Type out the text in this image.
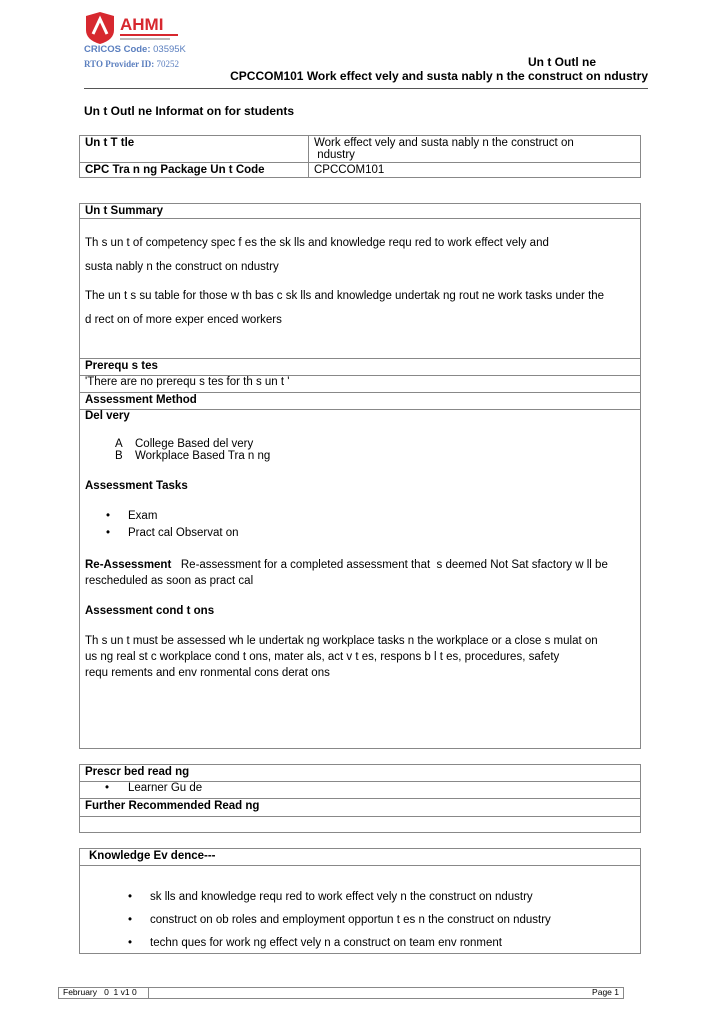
AHMI
CRICOS Code: 03595K
RTO Provider ID: 70252	Un t Outl ne
CPCCOM101 Work effect vely and susta nably n the construct on ndustry
Un t Outl ne Informat on for students
Un t T tle	Work effect vely and susta nably n the construct on
ndustry

CPC Tra n ng Package Un t Code	CPCCOM101
Un t Summary
Th s un t of competency spec f es the sk lls and knowledge requ red to work effect vely and
susta nably n the construct on ndustry
The un t s su table for those w th bas c sk lls and knowledge undertak ng rout ne work tasks under the
d rect on of more exper enced workers
Prerequ s tes
'There are no prerequ s tes for th s un t '
Assessment Method
Del very
A College Based del very
B Workplace Based Tra n ng
Assessment Tasks
• Exam
• Pract cal Observat on
Re-Assessment   Re-assessment for a completed assessment that  s deemed Not Sat sfactory w ll be
rescheduled as soon as pract cal
Assessment cond t ons
Th s un t must be assessed wh le undertak ng workplace tasks n the workplace or a close s mulat on
us ng real st c workplace cond t ons, mater als, act v t es, respons b l t es, procedures, safety
requ rements and env ronmental cons derat ons
Prescr bed read ng
• Learner Gu de
Further Recommended Read ng
Knowledge Ev dence---
• sk lls and knowledge requ red to work effect vely n the construct on ndustry
• construct on ob roles and employment opportun t es n the construct on ndustry
• techn ques for work ng effect vely n a construct on team env ronment
February   0  1 v1 0	Page 1
